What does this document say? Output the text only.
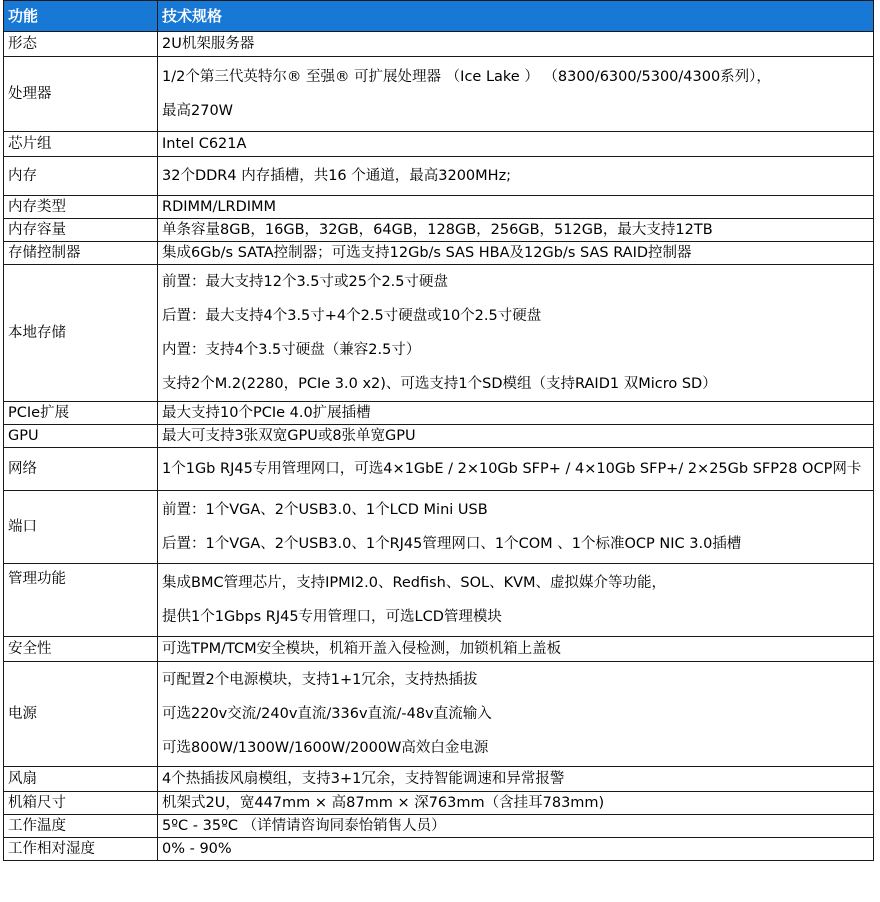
功能	技术规格
形态	2U机架服务器

处理器	1/2个第三代英特尔® 至强® 可扩展处理器 （Ice Lake ） （8300/6300/5300/4300系列），
最高270W

芯片组	Intel C621A

内存	32个DDR4 内存插槽，共16 个通道，最高3200MHz;

内存类型	RDIMM/LRDIMM

内存容量	单条容量8GB，16GB，32GB，64GB，128GB，256GB，512GB，最大支持12TB

存储控制器	集成6Gb/s SATA控制器；可选支持12Gb/s SAS HBA及12Gb/s SAS RAID控制器

本地存储	前置：最大支持12个3.5寸或25个2.5寸硬盘
后置：最大支持4个3.5寸+4个2.5寸硬盘或10个2.5寸硬盘
内置：支持4个3.5寸硬盘（兼容2.5寸）
支持2个M.2(2280，PCIe 3.0 x2)、可选支持1个SD模组（支持RAID1 双Micro SD）

PCIe扩展	最大支持10个PCIe 4.0扩展插槽

GPU	最大可支持3张双宽GPU或8张单宽GPU

网络	1个1Gb RJ45专用管理网口，可选4×1GbE / 2×10Gb SFP+ / 4×10Gb SFP+/ 2×25Gb SFP28 OCP网卡

端口	前置：1个VGA、2个USB3.0、1个LCD Mini USB
后置：1个VGA、2个USB3.0、1个RJ45管理网口、1个COM 、1个标准OCP NIC 3.0插槽

管理功能	集成BMC管理芯片，支持IPMI2.0、Redfish、SOL、KVM、虚拟媒介等功能，
提供1个1Gbps RJ45专用管理口，可选LCD管理模块

安全性	可选TPM/TCM安全模块，机箱开盖入侵检测，加锁机箱上盖板

电源	可配置2个电源模块，支持1+1冗余，支持热插拔
可选220v交流/240v直流/336v直流/-48v直流输入
可选800W/1300W/1600W/2000W高效白金电源

风扇	4个热插拔风扇模组，支持3+1冗余，支持智能调速和异常报警

机箱尺寸	机架式2U，宽447mm × 高87mm × 深763mm（含挂耳783mm)

工作温度	5ºC - 35ºC （详情请咨询同泰怡销售人员）

工作相对湿度	0% - 90%
